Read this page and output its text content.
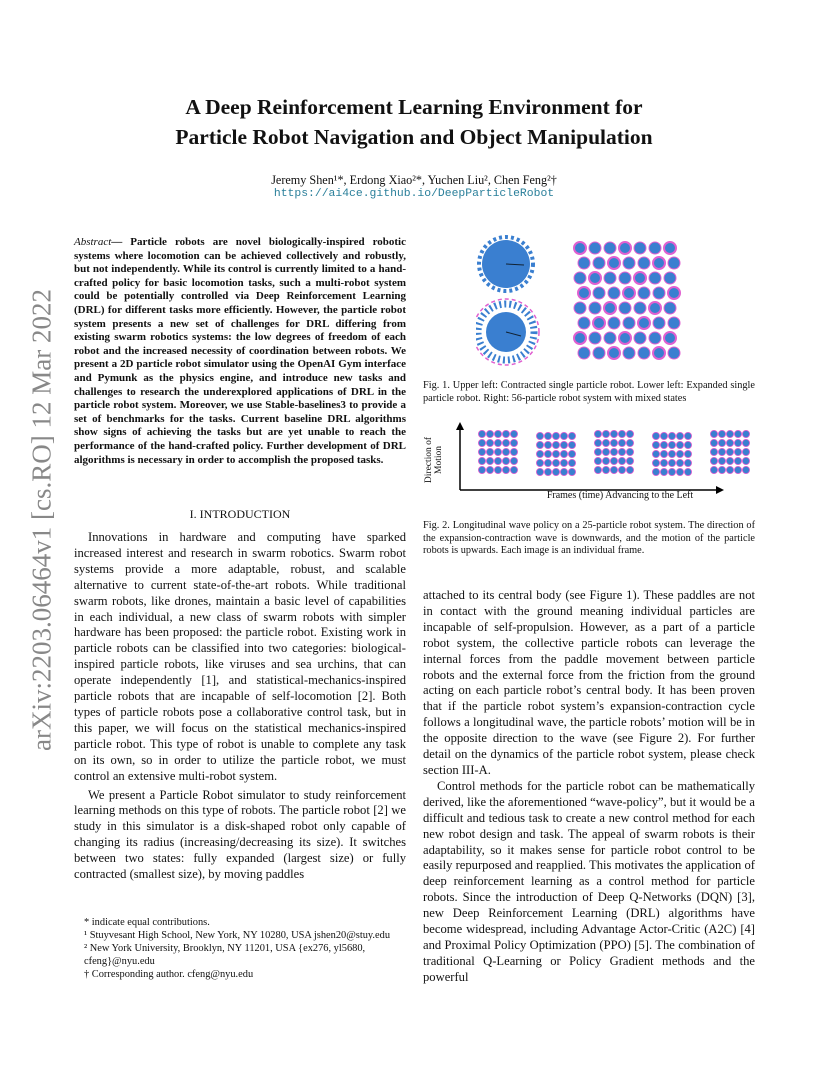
A Deep Reinforcement Learning Environment for
Particle Robot Navigation and Object Manipulation
Jeremy Shen¹*, Erdong Xiao²*, Yuchen Liu², Chen Feng²†
https://ai4ce.github.io/DeepParticleRobot
arXiv:2203.06464v1 [cs.RO] 12 Mar 2022
Abstract— Particle robots are novel biologically-inspired robotic systems where locomotion can be achieved collectively and robustly, but not independently. While its control is currently limited to a hand-crafted policy for basic locomotion tasks, such a multi-robot system could be potentially controlled via Deep Reinforcement Learning (DRL) for different tasks more efficiently. However, the particle robot system presents a new set of challenges for DRL differing from existing swarm robotics systems: the low degrees of freedom of each robot and the increased necessity of coordination between robots. We present a 2D particle robot simulator using the OpenAI Gym interface and Pymunk as the physics engine, and introduce new tasks and challenges to research the underexplored applications of DRL in the particle robot system. Moreover, we use Stable-baselines3 to provide a set of benchmarks for the tasks. Current baseline DRL algorithms show signs of achieving the tasks but are yet unable to reach the performance of the hand-crafted policy. Further development of DRL algorithms is necessary in order to accomplish the proposed tasks.
I. INTRODUCTION

Innovations in hardware and computing have sparked increased interest and research in swarm robotics. Swarm robot systems provide a more adaptable, robust, and scalable alternative to current state-of-the-art robots. While traditional swarm robots, like drones, maintain a basic level of capabilities in each individual, a new class of swarm robots with simpler hardware has been proposed: the particle robot. Existing work in particle robots can be classified into two categories: biological-inspired particle robots, like viruses and sea urchins, that can operate independently [1], and statistical-mechanics-inspired particle robots that are incapable of self-locomotion [2]. Both types of particle robots pose a collaborative control task, but in this paper, we will focus on the statistical mechanics-inspired particle robot. This type of robot is unable to complete any task on its own, so in order to utilize the particle robot, we must control an extensive multi-robot system.

We present a Particle Robot simulator to study reinforcement learning methods on this type of robots. The particle robot [2] we study in this simulator is a disk-shaped robot only capable of changing its radius (increasing/decreasing its size). It switches between two states: fully expanded (largest size) or fully contracted (smallest size), by moving paddles

* indicate equal contributions.
¹ Stuyvesant High School, New York, NY 10280, USA jshen20@stuy.edu
² New York University, Brooklyn, NY 11201, USA {ex276, yl5680, cfeng}@nyu.edu
† Corresponding author. cfeng@nyu.edu
Fig. 1. Upper left: Contracted single particle robot. Lower left: Expanded single particle robot. Right: 56-particle robot system with mixed states
Direction of Motion
Frames (time) Advancing to the Left
Fig. 2. Longitudinal wave policy on a 25-particle robot system. The direction of the expansion-contraction wave is downwards, and the motion of the particle robots is upwards. Each image is an individual frame.

attached to its central body (see Figure 1). These paddles are not in contact with the ground meaning individual particles are incapable of self-propulsion. However, as a part of a particle robot system, the collective particle robots can leverage the internal forces from the paddle movement between particle robots and the external force from the friction from the ground acting on each particle robot’s central body. It has been proven that if the particle robot system’s expansion-contraction cycle follows a longitudinal wave, the particle robots’ motion will be in the opposite direction to the wave (see Figure 2). For further detail on the dynamics of the particle robot system, please check section III-A.

Control methods for the particle robot can be mathematically derived, like the aforementioned “wave-policy”, but it would be a difficult and tedious task to create a new control method for each new robot design and task. The appeal of swarm robots is their adaptability, so it makes sense for particle robot control to be easily repurposed and reapplied. This motivates the application of deep reinforcement learning as a control method for particle robots. Since the introduction of Deep Q-Networks (DQN) [3], new Deep Reinforcement Learning (DRL) algorithms have become widespread, including Advantage Actor-Critic (A2C) [4] and Proximal Policy Optimization (PPO) [5]. The combination of traditional Q-Learning or Policy Gradient methods and the powerful
